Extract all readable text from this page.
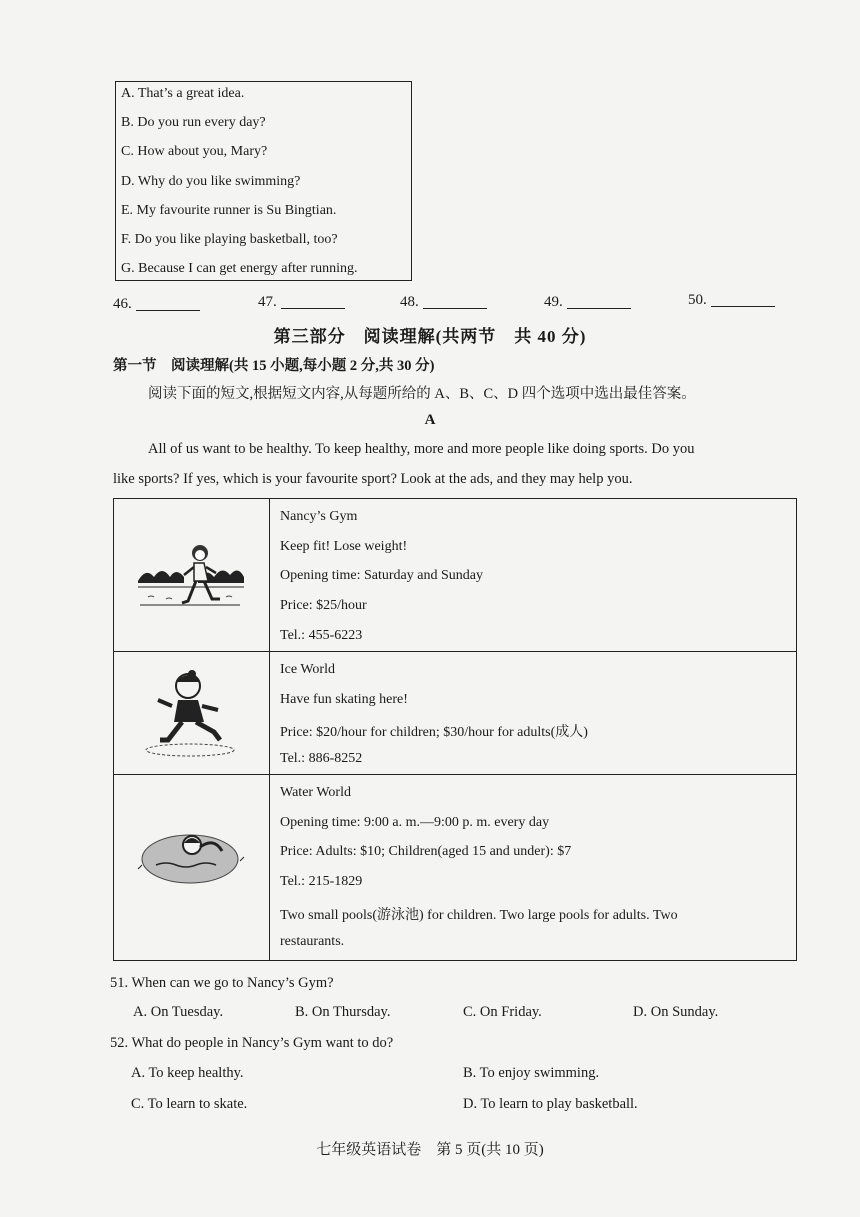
A. That’s a great idea.
B. Do you run every day?
C. How about you, Mary?
D. Why do you like swimming?
E. My favourite runner is Su Bingtian.
F. Do you like playing basketball, too?
G. Because I can get energy after running.
46.	47.	48.	49.	50.
第三部分　阅读理解(共两节　共 40 分)
第一节　阅读理解(共 15 小题,每小题 2 分,共 30 分)
阅读下面的短文,根据短文内容,从每题所给的 A、B、C、D 四个选项中选出最佳答案。
A
All of us want to be healthy. To keep healthy, more and more people like doing sports. Do you
like sports? If yes, which is your favourite sport? Look at the ads, and they may help you.
Nancy’s Gym
Keep fit! Lose weight!
Opening time: Saturday and Sunday
Price: $25/hour
Tel.: 455-6223
Ice World
Have fun skating here!
Price: $20/hour for children; $30/hour for adults(成人)
Tel.: 886-8252
Water World
Opening time: 9:00 a. m.—9:00 p. m. every day
Price: Adults: $10; Children(aged 15 and under): $7
Tel.: 215-1829
Two small pools(游泳池) for children. Two large pools for adults. Two
restaurants.
51. When can we go to Nancy’s Gym?
A. On Tuesday.	B. On Thursday.	C. On Friday.	D. On Sunday.
52. What do people in Nancy’s Gym want to do?
A. To keep healthy.	B. To enjoy swimming.
C. To learn to skate.	D. To learn to play basketball.
七年级英语试卷　第 5 页(共 10 页)
